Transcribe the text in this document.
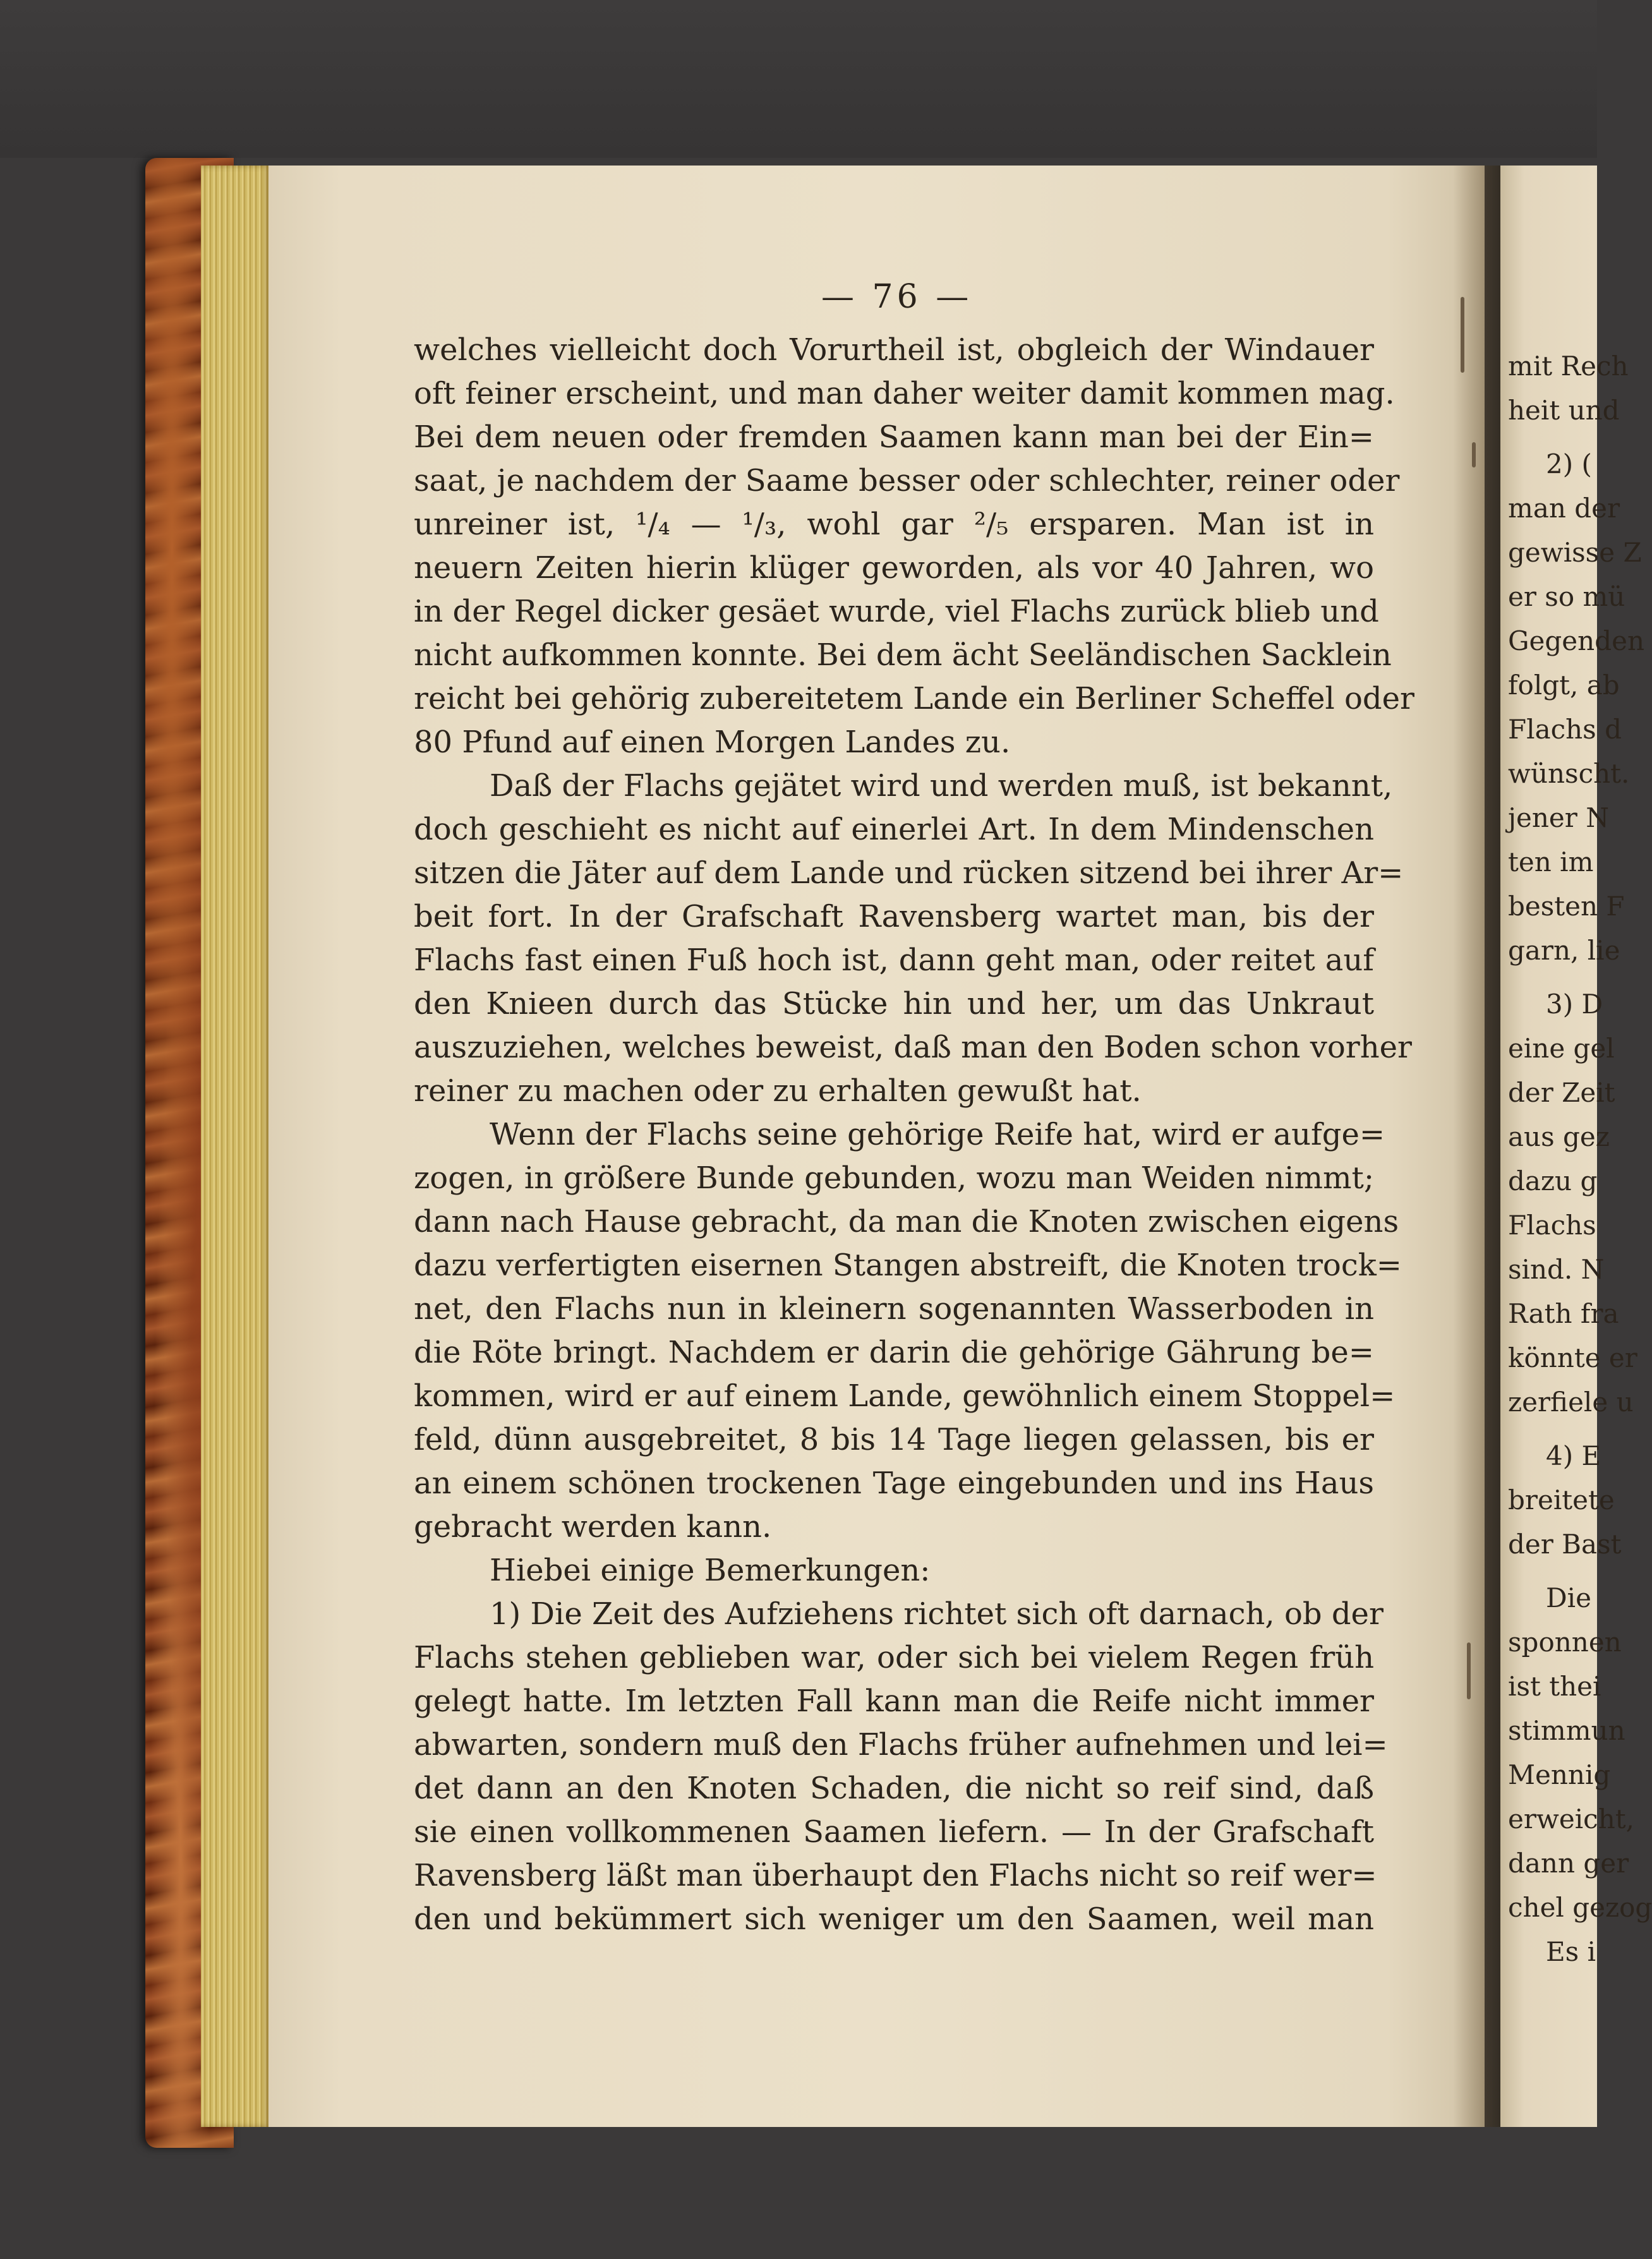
mit Rech
heit und
2) (
man der
gewisse Z
er so mü
Gegenden
folgt, ab
Flachs d
wünscht.
jener N
ten im
besten F
garn, lie
3) D
eine gel
der Zeit
aus gez
dazu g
Flachs
sind. N
Rath fra
könnte er
zerfiele u
4) E
breitete
der Bast
Die
sponnen
ist thei
stimmun
Mennig
erweicht,
dann ger
chel gezog
Es i
— 76 —
welches vielleicht doch Vorurtheil ist, obgleich der Windauer
oft feiner erscheint, und man daher weiter damit kommen mag.
Bei dem neuen oder fremden Saamen kann man bei der Ein=
saat, je nachdem der Saame besser oder schlechter, reiner oder
unreiner ist, ¹/₄ — ¹/₃, wohl gar ²/₅ ersparen. Man ist in
neuern Zeiten hierin klüger geworden, als vor 40 Jahren, wo
in der Regel dicker gesäet wurde, viel Flachs zurück blieb und
nicht aufkommen konnte. Bei dem ächt Seeländischen Sacklein
reicht bei gehörig zubereitetem Lande ein Berliner Scheffel oder
80 Pfund auf einen Morgen Landes zu.
Daß der Flachs gejätet wird und werden muß, ist bekannt,
doch geschieht es nicht auf einerlei Art. In dem Mindenschen
sitzen die Jäter auf dem Lande und rücken sitzend bei ihrer Ar=
beit fort. In der Grafschaft Ravensberg wartet man, bis der
Flachs fast einen Fuß hoch ist, dann geht man, oder reitet auf
den Knieen durch das Stücke hin und her, um das Unkraut
auszuziehen, welches beweist, daß man den Boden schon vorher
reiner zu machen oder zu erhalten gewußt hat.
Wenn der Flachs seine gehörige Reife hat, wird er aufge=
zogen, in größere Bunde gebunden, wozu man Weiden nimmt;
dann nach Hause gebracht, da man die Knoten zwischen eigens
dazu verfertigten eisernen Stangen abstreift, die Knoten trock=
net, den Flachs nun in kleinern sogenannten Wasserboden in
die Röte bringt. Nachdem er darin die gehörige Gährung be=
kommen, wird er auf einem Lande, gewöhnlich einem Stoppel=
feld, dünn ausgebreitet, 8 bis 14 Tage liegen gelassen, bis er
an einem schönen trockenen Tage eingebunden und ins Haus
gebracht werden kann.
Hiebei einige Bemerkungen:
1) Die Zeit des Aufziehens richtet sich oft darnach, ob der
Flachs stehen geblieben war, oder sich bei vielem Regen früh
gelegt hatte. Im letzten Fall kann man die Reife nicht immer
abwarten, sondern muß den Flachs früher aufnehmen und lei=
det dann an den Knoten Schaden, die nicht so reif sind, daß
sie einen vollkommenen Saamen liefern. — In der Grafschaft
Ravensberg läßt man überhaupt den Flachs nicht so reif wer=
den und bekümmert sich weniger um den Saamen, weil man
